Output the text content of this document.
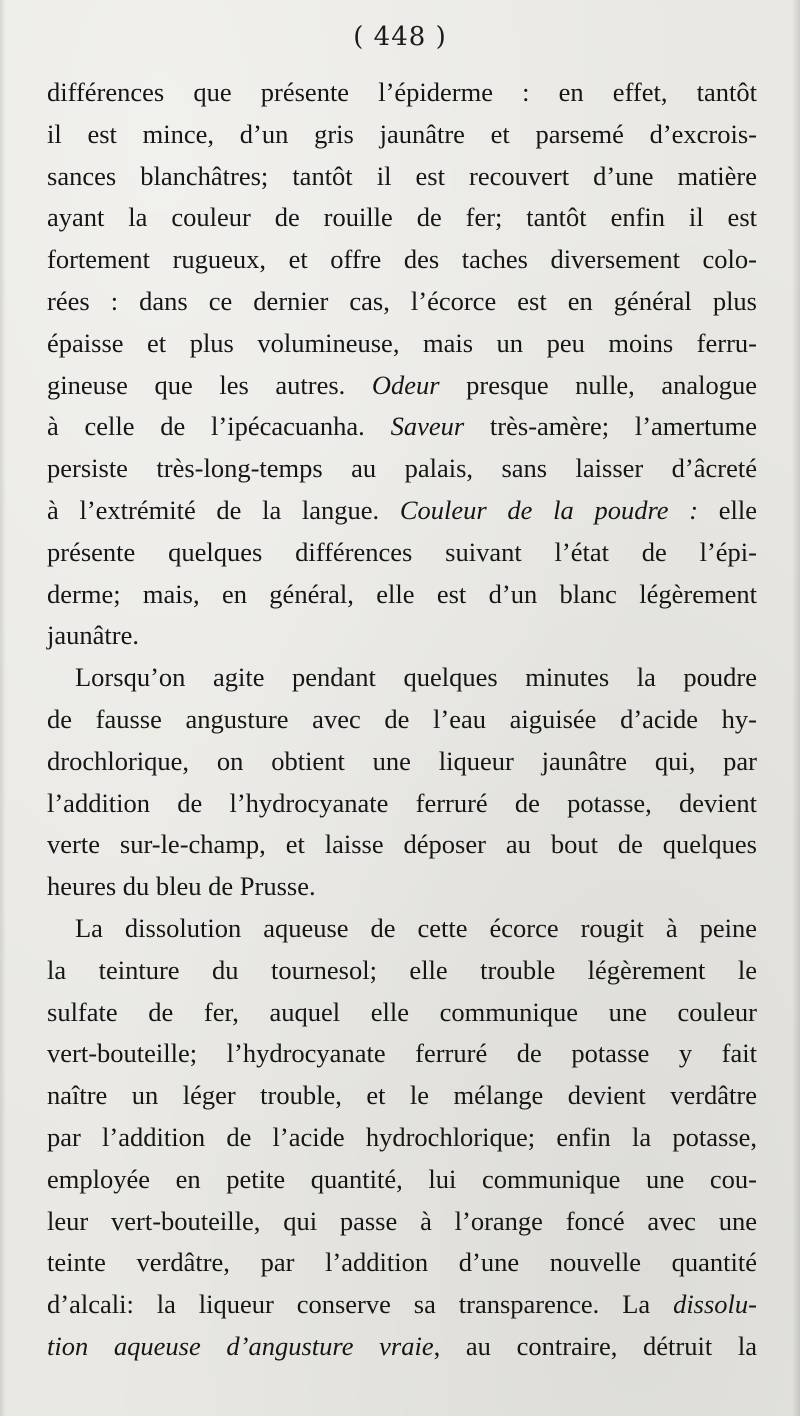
( 448 )
différences que présente l’épiderme : en effet, tantôt
il est mince, d’un gris jaunâtre et parsemé d’excrois-
sances blanchâtres; tantôt il est recouvert d’une matière
ayant la couleur de rouille de fer; tantôt enfin il est
fortement rugueux, et offre des taches diversement colo-
rées : dans ce dernier cas, l’écorce est en général plus
épaisse et plus volumineuse, mais un peu moins ferru-
gineuse que les autres. Odeur presque nulle, analogue
à celle de l’ipécacuanha. Saveur très-amère; l’amertume
persiste très-long-temps au palais, sans laisser d’âcreté
à l’extrémité de la langue. Couleur de la poudre : elle
présente quelques différences suivant l’état de l’épi-
derme; mais, en général, elle est d’un blanc légèrement
jaunâtre.
Lorsqu’on agite pendant quelques minutes la poudre
de fausse angusture avec de l’eau aiguisée d’acide hy-
drochlorique, on obtient une liqueur jaunâtre qui, par
l’addition de l’hydrocyanate ferruré de potasse, devient
verte sur-le-champ, et laisse déposer au bout de quelques
heures du bleu de Prusse.
La dissolution aqueuse de cette écorce rougit à peine
la teinture du tournesol; elle trouble légèrement le
sulfate de fer, auquel elle communique une couleur
vert-bouteille; l’hydrocyanate ferruré de potasse y fait
naître un léger trouble, et le mélange devient verdâtre
par l’addition de l’acide hydrochlorique; enfin la potasse,
employée en petite quantité, lui communique une cou-
leur vert-bouteille, qui passe à l’orange foncé avec une
teinte verdâtre, par l’addition d’une nouvelle quantité
d’alcali: la liqueur conserve sa transparence. La dissolu-
tion aqueuse d’angusture vraie, au contraire, détruit la
